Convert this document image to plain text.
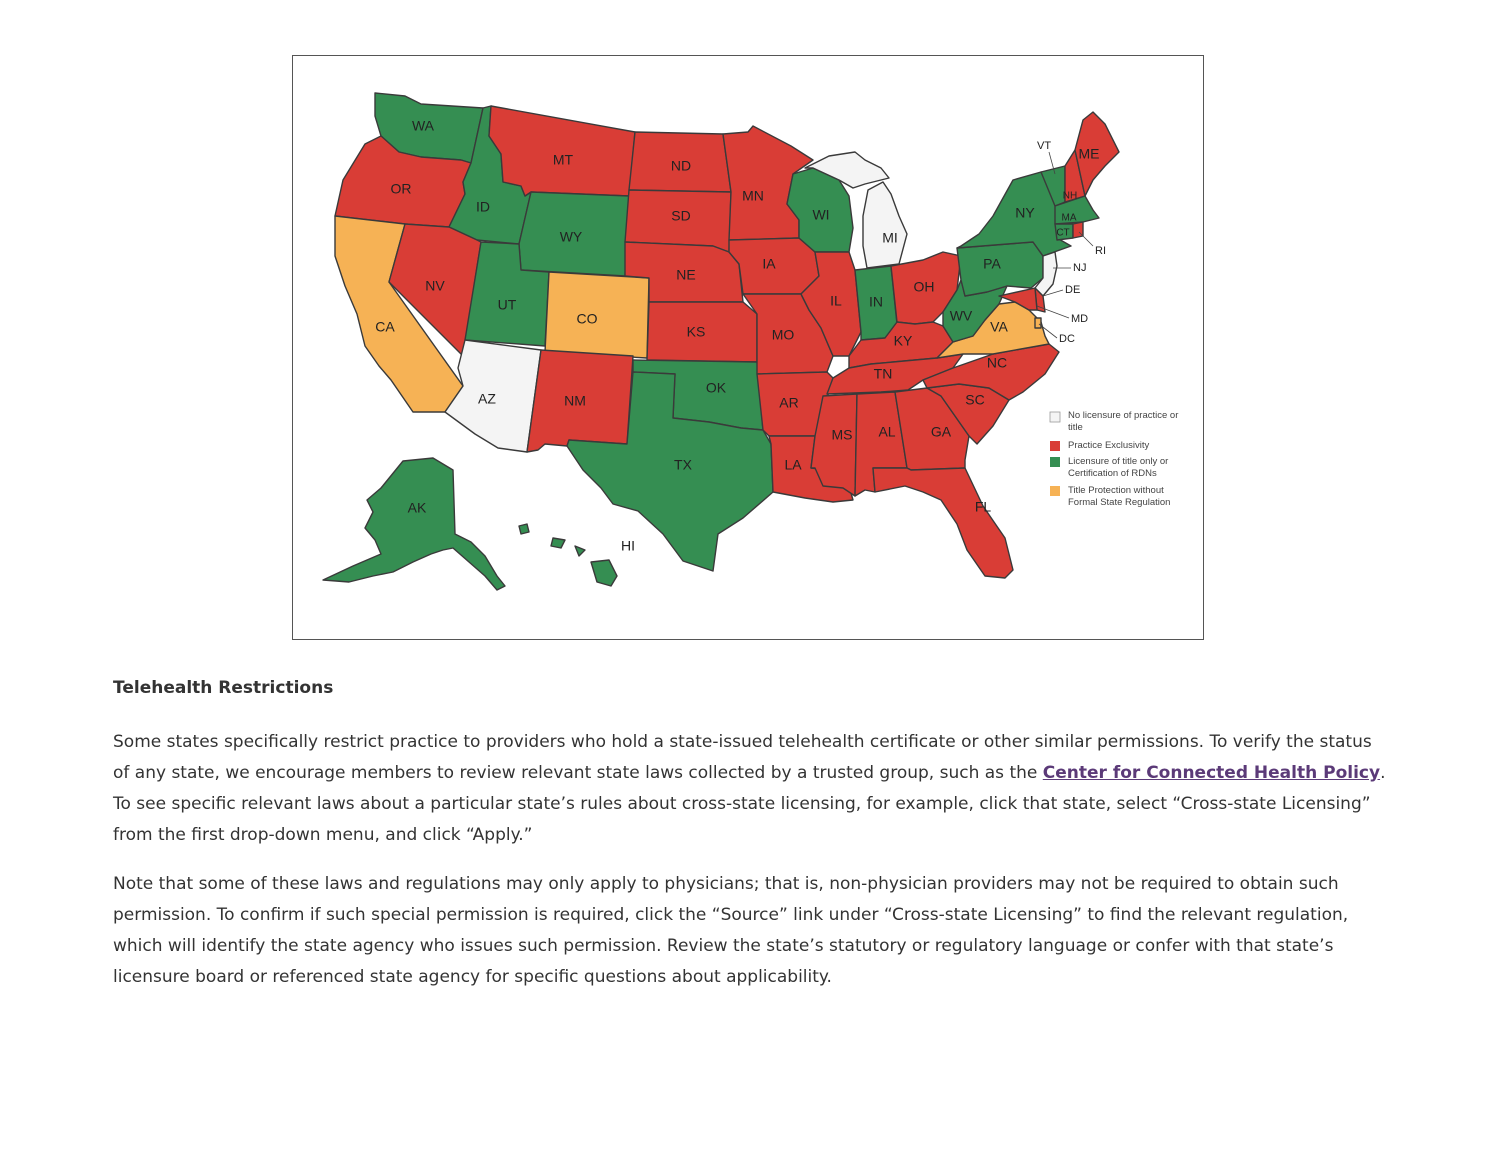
WA
OR
CA
ID
NV
MT
WY
UT
AZ
CO
NM
ND
SD
NE
KS
OK
TX
MN
IA
MO
AR
LA
WI
IL
MI
IN
OH
KY
TN
MS AL	GA
FL
SC
NC
VA
WV
PA
NY
NH
ME
MA
CT
AK
HI
VT
RI
NJ
DE
MD
DC
No licensure of practice or
title
Practice Exclusivity
Licensure of title only or
Certification of RDNs
Title Protection without
Formal State Regulation
Telehealth Restrictions

Some states specifically restrict practice to providers who hold a state-issued telehealth certificate or other similar permissions. To verify the status of any state, we encourage members to review relevant state laws collected by a trusted group, such as the Center for Connected Health Policy. To see specific relevant laws about a particular state’s rules about cross-state licensing, for example, click that state, select “Cross-state Licensing” from the first drop-down menu, and click “Apply.”

Note that some of these laws and regulations may only apply to physicians; that is, non-physician providers may not be required to obtain such permission. To confirm if such special permission is required, click the “Source” link under “Cross-state Licensing” to find the relevant regulation, which will identify the state agency who issues such permission. Review the state’s statutory or regulatory language or confer with that state’s licensure board or referenced state agency for specific questions about applicability.
